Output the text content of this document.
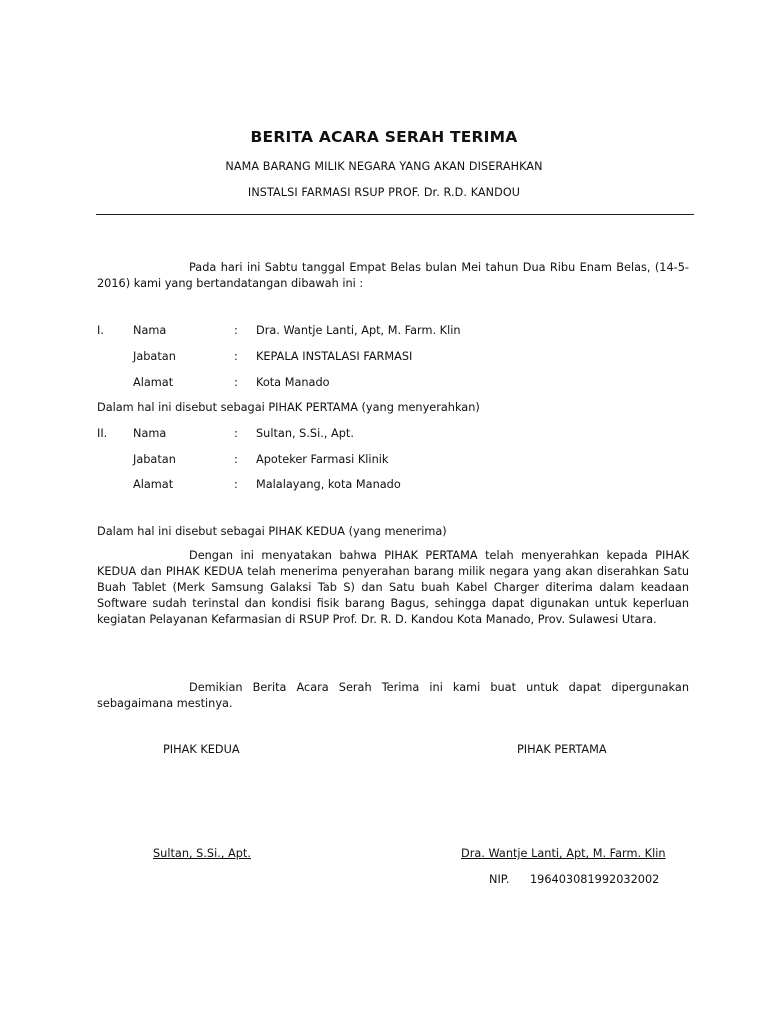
BERITA ACARA SERAH TERIMA
NAMA BARANG MILIK NEGARA YANG AKAN DISERAHKAN
INSTALSI FARMASI RSUP PROF. Dr. R.D. KANDOU
Pada hari ini Sabtu tanggal Empat Belas bulan Mei tahun Dua Ribu Enam Belas, (14-5-2016) kami yang bertandatangan dibawah ini :
I.	Nama	: Dra. Wantje Lanti, Apt, M. Farm. Klin
Jabatan	: KEPALA INSTALASI FARMASI
Alamat	: Kota Manado
Dalam hal ini disebut sebagai PIHAK PERTAMA (yang menyerahkan)
II. Nama	: Sultan, S.Si., Apt.
Jabatan	: Apoteker Farmasi Klinik
Alamat	: Malalayang, kota Manado
Dalam hal ini disebut sebagai PIHAK KEDUA (yang menerima)
Dengan ini menyatakan bahwa PIHAK PERTAMA telah menyerahkan kepada PIHAK KEDUA dan PIHAK KEDUA telah menerima penyerahan barang milik negara yang akan diserahkan Satu Buah Tablet (Merk Samsung Galaksi Tab S) dan Satu buah Kabel Charger diterima dalam keadaan Software sudah terinstal dan kondisi fisik barang Bagus, sehingga dapat digunakan untuk keperluan kegiatan Pelayanan Kefarmasian di RSUP Prof. Dr. R. D. Kandou Kota Manado, Prov. Sulawesi Utara.
Demikian Berita Acara Serah Terima ini kami buat untuk dapat dipergunakan sebagaimana mestinya.
PIHAK KEDUA	PIHAK PERTAMA
Sultan, S.Si., Apt.	Dra. Wantje Lanti, Apt, M. Farm. Klin
NIP. 196403081992032002
